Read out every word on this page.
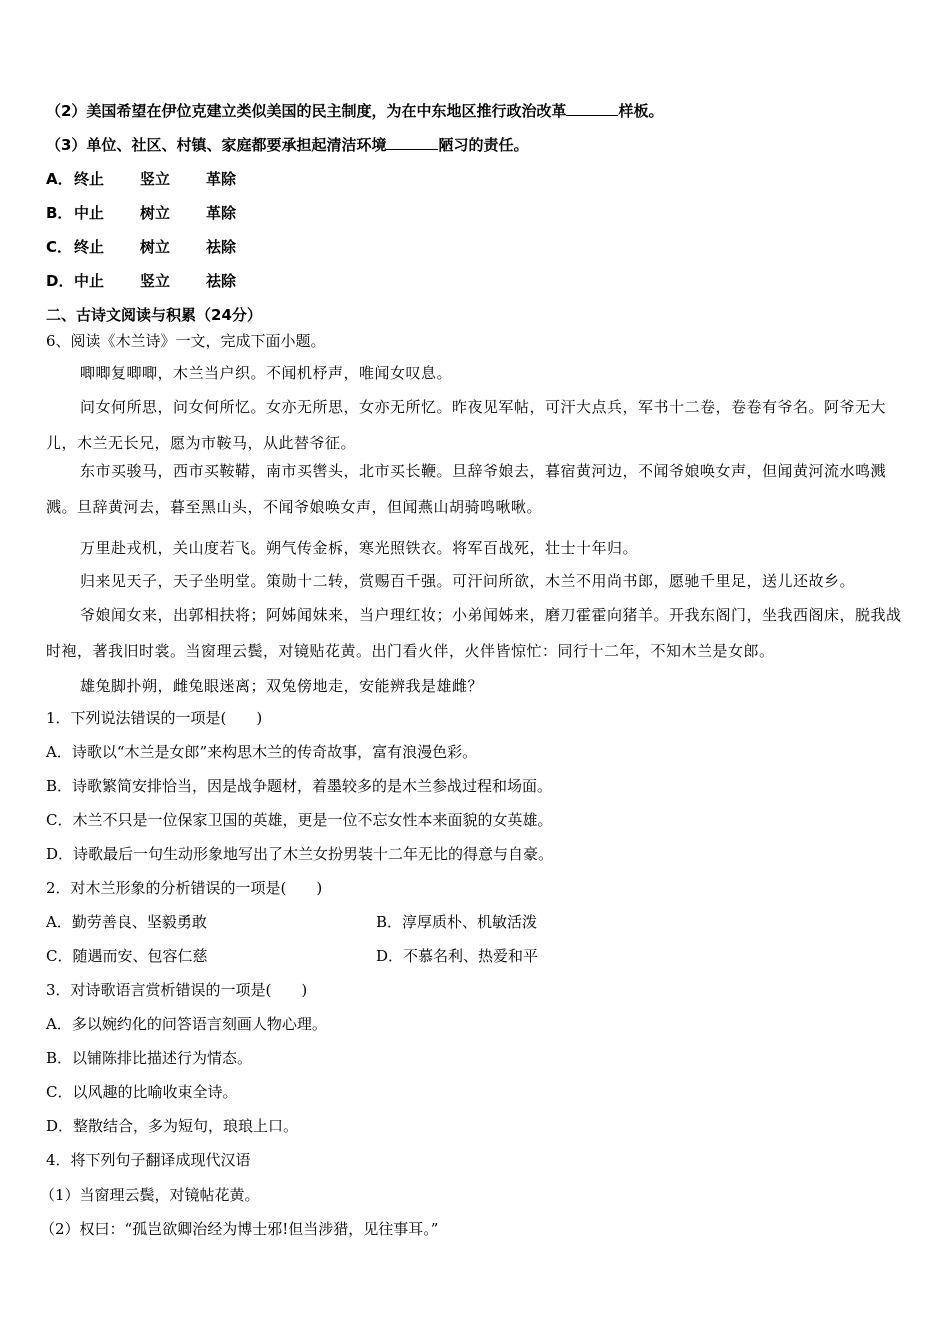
（2）美国希望在伊位克建立类似美国的民主制度，为在中东地区推行政治改革	样板。
（3）单位、社区、村镇、家庭都要承担起清洁环境	陋习的责任。
A．终止 竖立 革除
B． 中止 树立 革除
C． 终止 树立 祛除
D．中止 竖立 祛除
二、古诗文阅读与积累（24分）
6、阅读《木兰诗》一文，完成下面小题。
唧唧复唧唧，木兰当户织。不闻机杼声，唯闻女叹息。
问女何所思，问女何所忆。女亦无所思，女亦无所忆。昨夜见军帖，可汗大点兵，军书十二卷，卷卷有爷名。阿爷无大儿，木兰无长兄，愿为市鞍马，从此替爷征。
东市买骏马，西市买鞍鞯，南市买辔头，北市买长鞭。旦辞爷娘去，暮宿黄河边，不闻爷娘唤女声，但闻黄河流水鸣溅溅。旦辞黄河去，暮至黑山头，不闻爷娘唤女声，但闻燕山胡骑鸣啾啾。
万里赴戎机，关山度若飞。朔气传金柝，寒光照铁衣。将军百战死，壮士十年归。
归来见天子，天子坐明堂。策勋十二转，赏赐百千强。可汗问所欲，木兰不用尚书郎，愿驰千里足，送儿还故乡。
爷娘闻女来，出郭相扶将；阿姊闻妹来，当户理红妆；小弟闻姊来，磨刀霍霍向猪羊。开我东阁门，坐我西阁床，脱我战时袍，著我旧时裳。当窗理云鬓，对镜贴花黄。出门看火伴，火伴皆惊忙：同行十二年，不知木兰是女郎。
雄兔脚扑朔，雌兔眼迷离；双兔傍地走，安能辨我是雄雌？
1．下列说法错误的一项是(　　)
A．诗歌以“木兰是女郎”来构思木兰的传奇故事，富有浪漫色彩。
B．诗歌繁简安排恰当，因是战争题材，着墨较多的是木兰参战过程和场面。
C．木兰不只是一位保家卫国的英雄，更是一位不忘女性本来面貌的女英雄。
D．诗歌最后一句生动形象地写出了木兰女扮男装十二年无比的得意与自豪。
2．对木兰形象的分析错误的一项是(　　)
A．勤劳善良、坚毅勇敢	B．淳厚质朴、机敏活泼
C．随遇而安、包容仁慈	D．不慕名利、热爱和平
3．对诗歌语言赏析错误的一项是(　　)
A．多以婉约化的问答语言刻画人物心理。
B．以铺陈排比描述行为情态。
C．以风趣的比喻收束全诗。
D．整散结合，多为短句，琅琅上口。
4．将下列句子翻译成现代汉语
（1）当窗理云鬓，对镜帖花黄。
（2）权曰：“孤岂欲卿治经为博士邪!但当涉猎，见往事耳。”
